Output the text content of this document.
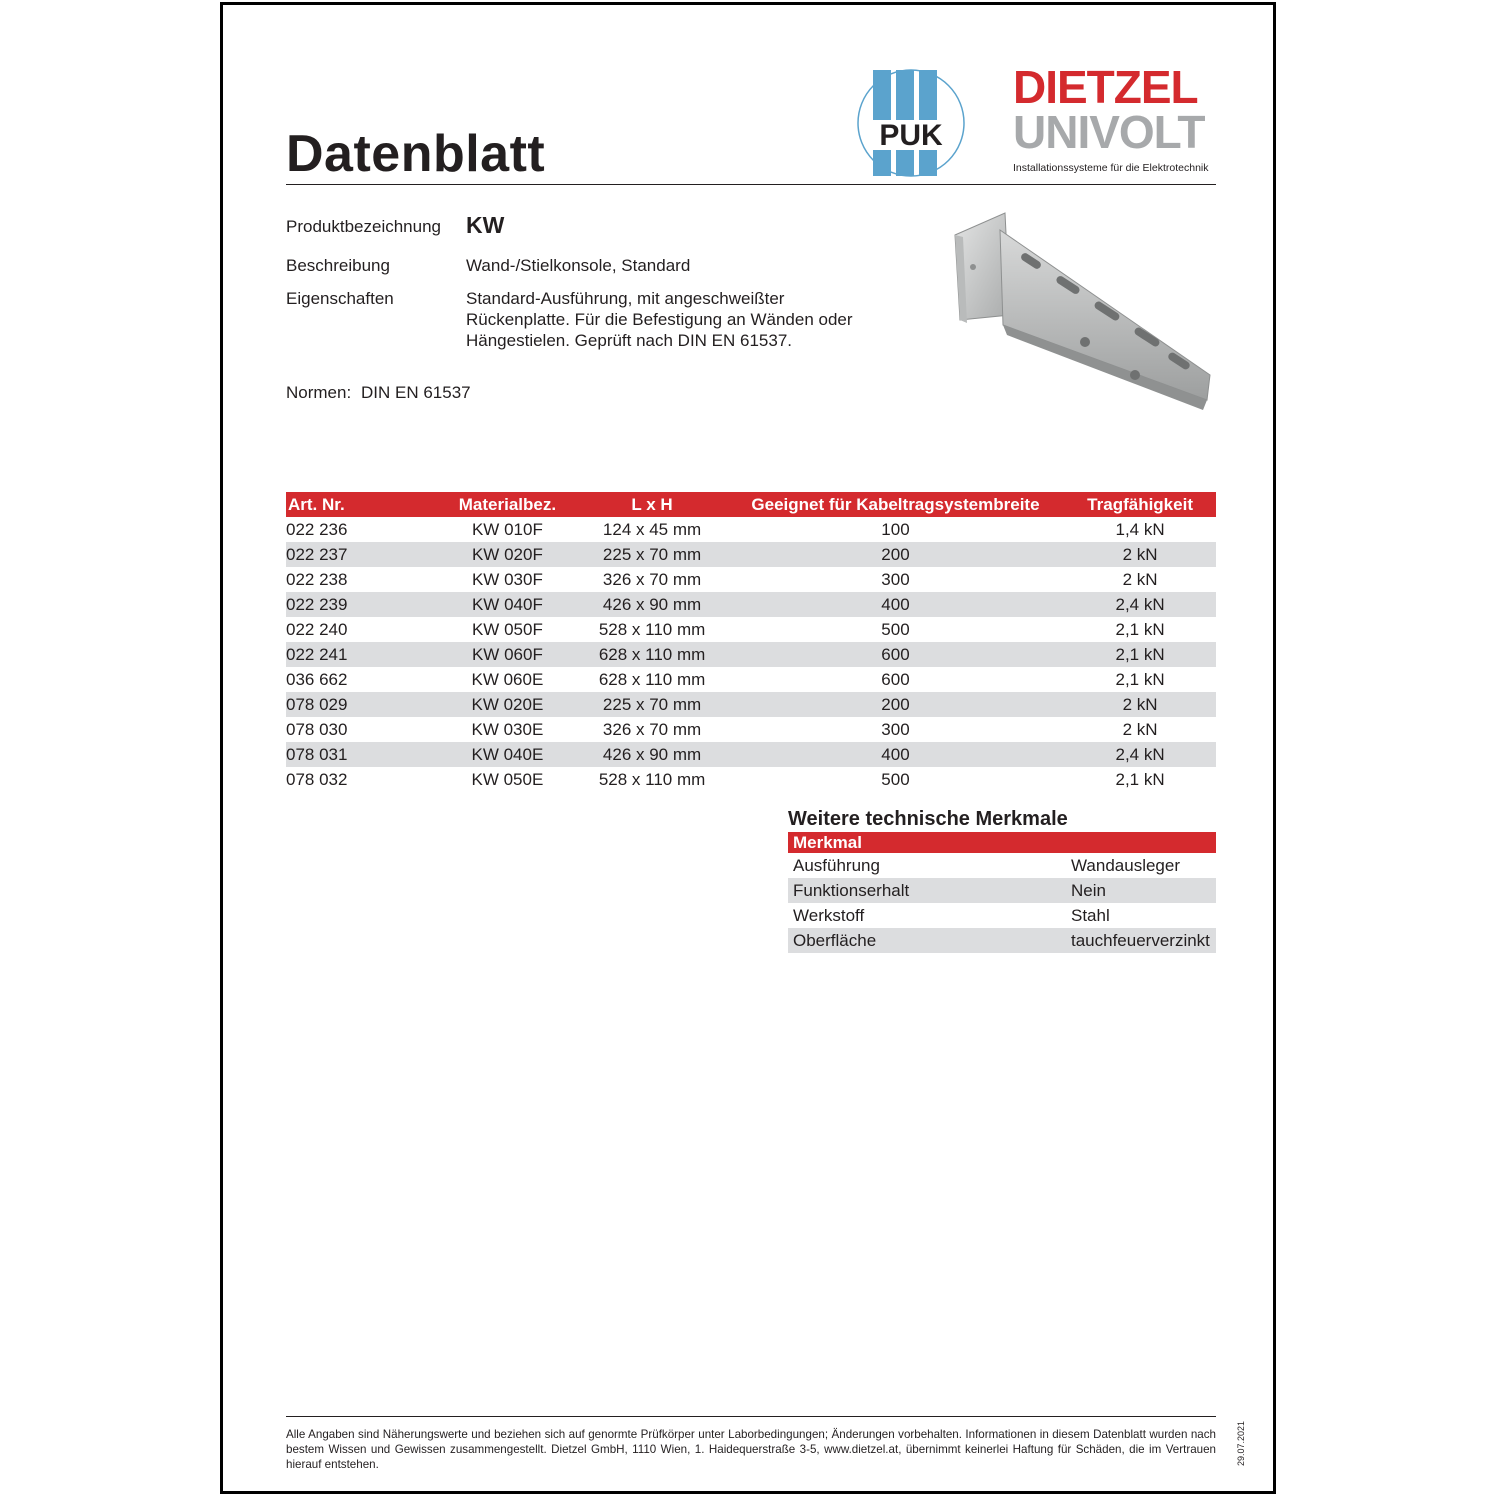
Datenblatt	PUK
DIETZEL
UNIVOLT
Installationssysteme für die Elektrotechnik
Produktbezeichnung KW
Beschreibung	Wand-/Stielkonsole, Standard
Eigenschaften	Standard-Ausführung, mit angeschweißter Rückenplatte. Für die Befestigung an Wänden oder Hängestielen. Geprüft nach DIN EN 61537.
Normen: DIN EN 61537
Art. Nr.	Materialbez.	L x H	Geeignet für Kabeltragsystembreite	Tragfähigkeit
022 236	KW 010F	124 x 45 mm	100	1,4 kN
022 237	KW 020F	225 x 70 mm	200	2 kN
022 238	KW 030F	326 x 70 mm	300	2 kN
022 239	KW 040F	426 x 90 mm	400	2,4 kN
022 240	KW 050F	528 x 110 mm	500	2,1 kN
022 241	KW 060F	628 x 110 mm	600	2,1 kN
036 662	KW 060E	628 x 110 mm	600	2,1 kN
078 029	KW 020E	225 x 70 mm	200	2 kN
078 030	KW 030E	326 x 70 mm	300	2 kN
078 031	KW 040E	426 x 90 mm	400	2,4 kN
078 032	KW 050E	528 x 110 mm	500	2,1 kN
Weitere technische Merkmale
Merkmal	
Ausführung	Wandausleger
Funktionserhalt	Nein
Werkstoff	Stahl
Oberfläche	tauchfeuerverzinkt
Alle Angaben sind Näherungswerte und beziehen sich auf genormte Prüfkörper unter Laborbedingungen; Änderungen vorbehalten. Informationen in diesem Datenblatt wurden nach bestem Wissen und Gewissen zusammengestellt. Dietzel GmbH, 1110 Wien, 1. Haidequerstraße 3-5, www.dietzel.at, übernimmt keinerlei Haftung für Schäden, die im Vertrauen hierauf entstehen.	29.07.2021
